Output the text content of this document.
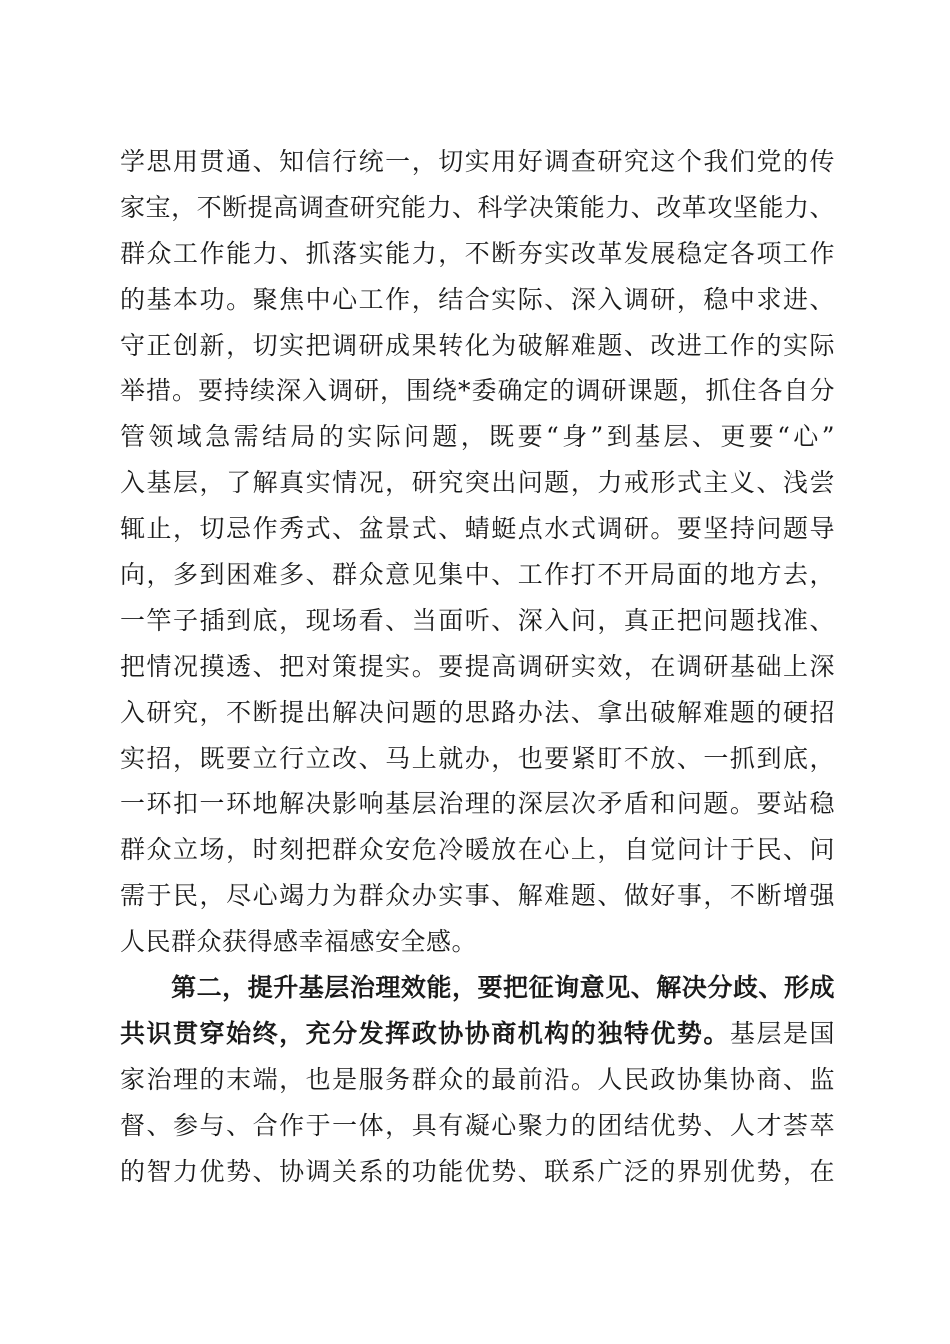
学思用贯通、知信行统一，切实用好调查研究这个我们党的传
家宝，不断提高调查研究能力、科学决策能力、改革攻坚能力、
群众工作能力、抓落实能力，不断夯实改革发展稳定各项工作
的基本功。聚焦中心工作，结合实际、深入调研，稳中求进、
守正创新，切实把调研成果转化为破解难题、改进工作的实际
举措。要持续深入调研，围绕*委确定的调研课题，抓住各自分
管领域急需结局的实际问题，既要“身”到基层、更要“心”
入基层，了解真实情况，研究突出问题，力戒形式主义、浅尝
辄止，切忌作秀式、盆景式、蜻蜓点水式调研。要坚持问题导
向，多到困难多、群众意见集中、工作打不开局面的地方去，
一竿子插到底，现场看、当面听、深入问，真正把问题找准、
把情况摸透、把对策提实。要提高调研实效，在调研基础上深
入研究，不断提出解决问题的思路办法、拿出破解难题的硬招
实招，既要立行立改、马上就办，也要紧盯不放、一抓到底，
一环扣一环地解决影响基层治理的深层次矛盾和问题。要站稳
群众立场，时刻把群众安危冷暖放在心上，自觉问计于民、问
需于民，尽心竭力为群众办实事、解难题、做好事，不断增强
人民群众获得感幸福感安全感。
　　第二，提升基层治理效能，要把征询意见、解决分歧、形成
共识贯穿始终，充分发挥政协协商机构的独特优势。基层是国
家治理的末端，也是服务群众的最前沿。人民政协集协商、监
督、参与、合作于一体，具有凝心聚力的团结优势、人才荟萃
的智力优势、协调关系的功能优势、联系广泛的界别优势，在
